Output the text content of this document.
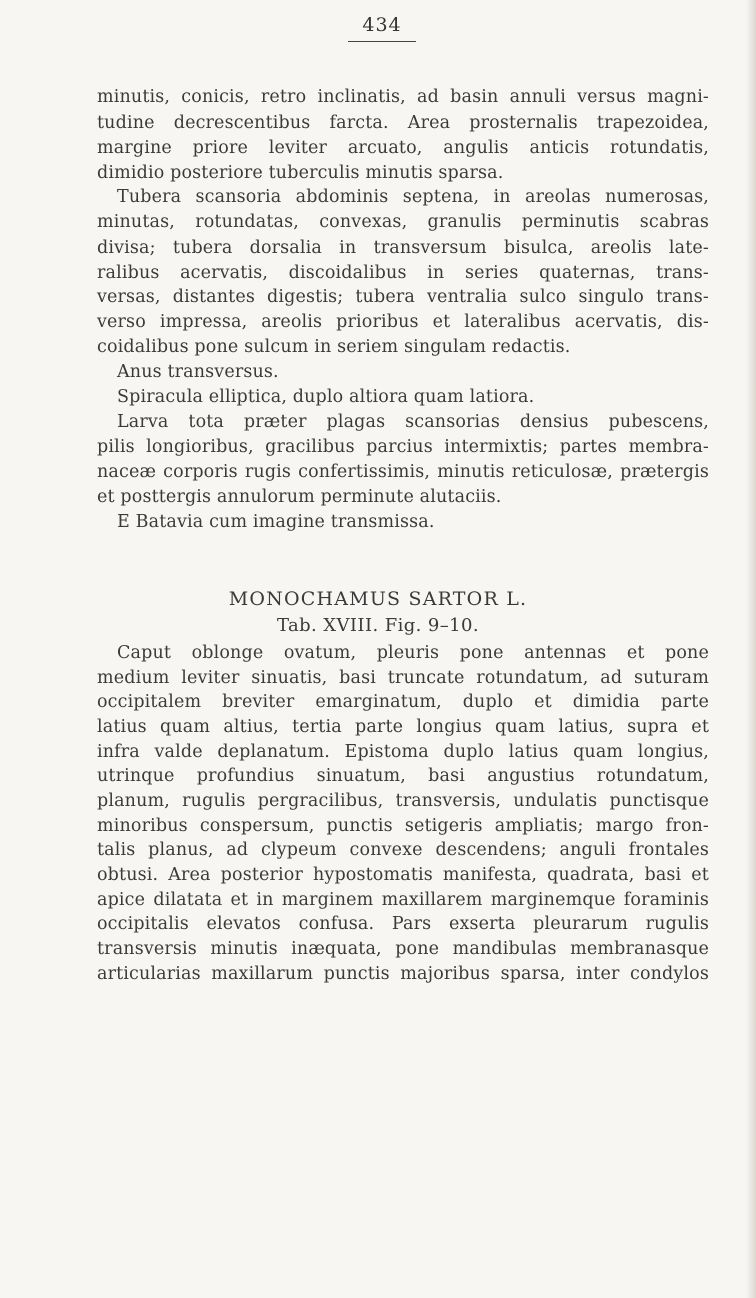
434
minutis, conicis, retro inclinatis, ad basin annuli versus magni-
tudine decrescentibus farcta. Area prosternalis trapezoidea,
margine priore leviter arcuato, angulis anticis rotundatis,
dimidio posteriore tuberculis minutis sparsa.
Tubera scansoria abdominis septena, in areolas numerosas,
minutas, rotundatas, convexas, granulis perminutis scabras
divisa; tubera dorsalia in transversum bisulca, areolis late-
ralibus acervatis, discoidalibus in series quaternas, trans-
versas, distantes digestis; tubera ventralia sulco singulo trans-
verso impressa, areolis prioribus et lateralibus acervatis, dis-
coidalibus pone sulcum in seriem singulam redactis.
Anus transversus.
Spiracula elliptica, duplo altiora quam latiora.
Larva tota præter plagas scansorias densius pubescens,
pilis longioribus, gracilibus parcius intermixtis; partes membra-
naceæ corporis rugis confertissimis, minutis reticulosæ, prætergis
et posttergis annulorum perminute alutaciis.
E Batavia cum imagine transmissa.
MONOCHAMUS SARTOR L.
Tab. XVIII. Fig. 9–10.
Caput oblonge ovatum, pleuris pone antennas et pone
medium leviter sinuatis, basi truncate rotundatum, ad suturam
occipitalem breviter emarginatum, duplo et dimidia parte
latius quam altius, tertia parte longius quam latius, supra et
infra valde deplanatum. Epistoma duplo latius quam longius,
utrinque profundius sinuatum, basi angustius rotundatum,
planum, rugulis pergracilibus, transversis, undulatis punctisque
minoribus conspersum, punctis setigeris ampliatis; margo fron-
talis planus, ad clypeum convexe descendens; anguli frontales
obtusi. Area posterior hypostomatis manifesta, quadrata, basi et
apice dilatata et in marginem maxillarem marginemque foraminis
occipitalis elevatos confusa. Pars exserta pleurarum rugulis
transversis minutis inæquata, pone mandibulas membranasque
articularias maxillarum punctis majoribus sparsa, inter condylos
